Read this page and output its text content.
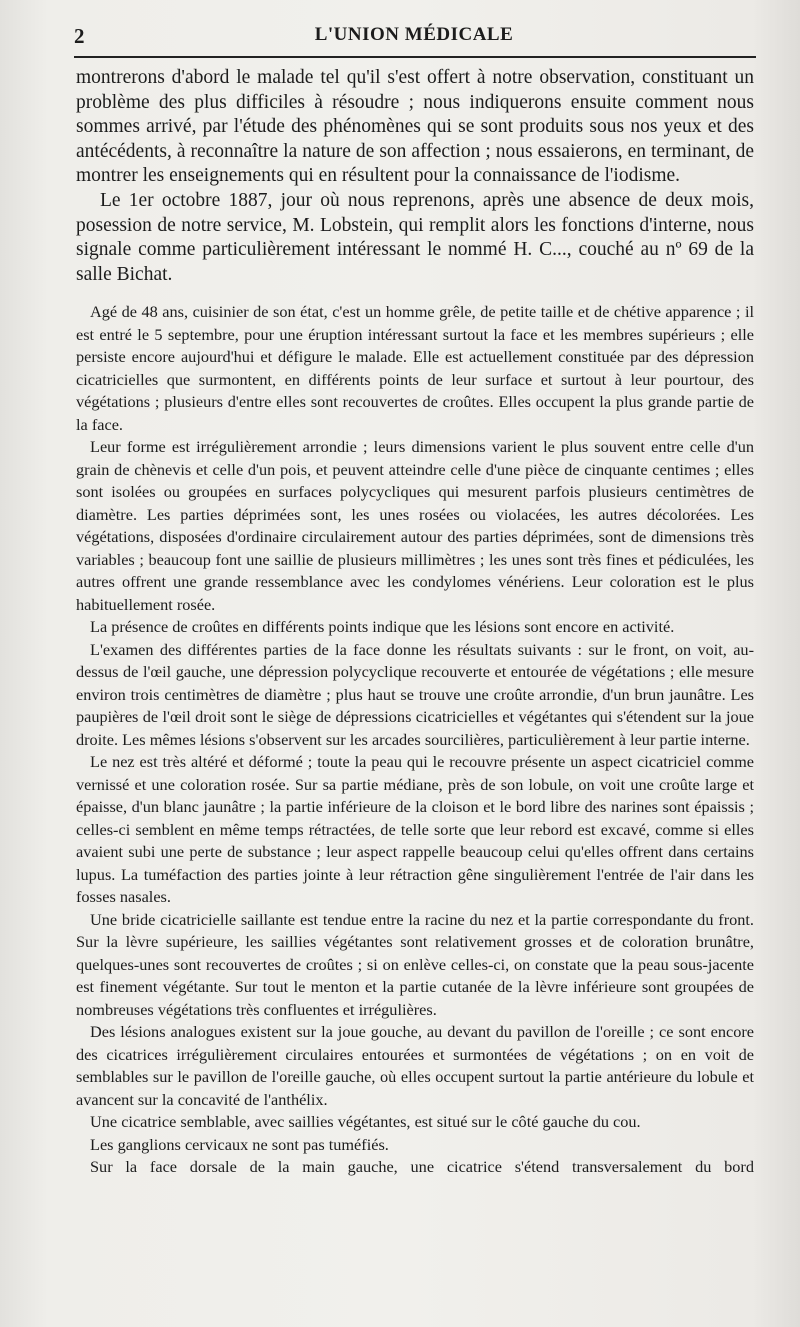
2	L'UNION MÉDICALE

montrerons d'abord le malade tel qu'il s'est offert à notre observation, constituant un problème des plus difficiles à résoudre ; nous indiquerons ensuite comment nous sommes arrivé, par l'étude des phénomènes qui se sont produits sous nos yeux et des antécédents, à reconnaître la nature de son affection ; nous essaierons, en terminant, de montrer les enseignements qui en résultent pour la connaissance de l'iodisme.

Le 1er octobre 1887, jour où nous reprenons, après une absence de deux mois, posession de notre service, M. Lobstein, qui remplit alors les fonctions d'interne, nous signale comme particulièrement intéressant le nommé H. C..., couché au nº 69 de la salle Bichat.

Agé de 48 ans, cuisinier de son état, c'est un homme grêle, de petite taille et de chétive apparence ; il est entré le 5 septembre, pour une éruption intéressant surtout la face et les membres supérieurs ; elle persiste encore aujourd'hui et défigure le malade. Elle est actuellement constituée par des dépression cicatricielles que surmontent, en différents points de leur surface et surtout à leur pourtour, des végétations ; plusieurs d'entre elles sont recouvertes de croûtes. Elles occupent la plus grande partie de la face.

Leur forme est irrégulièrement arrondie ; leurs dimensions varient le plus souvent entre celle d'un grain de chènevis et celle d'un pois, et peuvent atteindre celle d'une pièce de cinquante centimes ; elles sont isolées ou groupées en surfaces polycycliques qui mesurent parfois plusieurs centimètres de diamètre. Les parties déprimées sont, les unes rosées ou violacées, les autres décolorées. Les végétations, disposées d'ordinaire circulairement autour des parties déprimées, sont de dimensions très variables ; beaucoup font une saillie de plusieurs millimètres ; les unes sont très fines et pédiculées, les autres offrent une grande ressemblance avec les condylomes vénériens. Leur coloration est le plus habituellement rosée.

La présence de croûtes en différents points indique que les lésions sont encore en activité.

L'examen des différentes parties de la face donne les résultats suivants : sur le front, on voit, au-dessus de l'œil gauche, une dépression polycyclique recouverte et entourée de végétations ; elle mesure environ trois centimètres de diamètre ; plus haut se trouve une croûte arrondie, d'un brun jaunâtre. Les paupières de l'œil droit sont le siège de dépressions cicatricielles et végétantes qui s'étendent sur la joue droite. Les mêmes lésions s'observent sur les arcades sourcilières, particulièrement à leur partie interne.

Le nez est très altéré et déformé ; toute la peau qui le recouvre présente un aspect cicatriciel comme vernissé et une coloration rosée. Sur sa partie médiane, près de son lobule, on voit une croûte large et épaisse, d'un blanc jaunâtre ; la partie inférieure de la cloison et le bord libre des narines sont épaissis ; celles-ci semblent en même temps rétractées, de telle sorte que leur rebord est excavé, comme si elles avaient subi une perte de substance ; leur aspect rappelle beaucoup celui qu'elles offrent dans certains lupus. La tuméfaction des parties jointe à leur rétraction gêne singulièrement l'entrée de l'air dans les fosses nasales.

Une bride cicatricielle saillante est tendue entre la racine du nez et la partie correspondante du front. Sur la lèvre supérieure, les saillies végétantes sont relativement grosses et de coloration brunâtre, quelques-unes sont recouvertes de croûtes ; si on enlève celles-ci, on constate que la peau sous-jacente est finement végétante. Sur tout le menton et la partie cutanée de la lèvre inférieure sont groupées de nombreuses végétations très confluentes et irrégulières.

Des lésions analogues existent sur la joue gouche, au devant du pavillon de l'oreille ; ce sont encore des cicatrices irrégulièrement circulaires entourées et surmontées de végétations ; on en voit de semblables sur le pavillon de l'oreille gauche, où elles occupent surtout la partie antérieure du lobule et avancent sur la concavité de l'anthélix.

Une cicatrice semblable, avec saillies végétantes, est situé sur le côté gauche du cou.

Les ganglions cervicaux ne sont pas tuméfiés.

Sur la face dorsale de la main gauche, une cicatrice s'étend transversalement du bord
